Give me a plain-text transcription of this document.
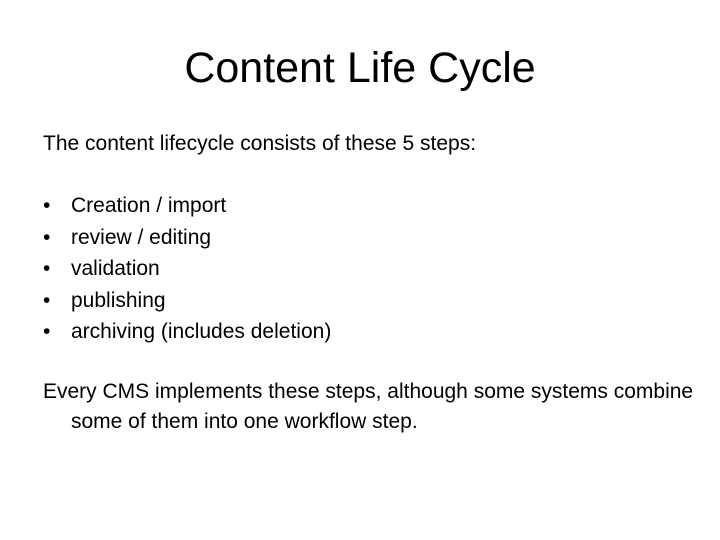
Content Life Cycle

The content lifecycle consists of these 5 steps:

• Creation / import
• review / editing
• validation
• publishing
• archiving (includes deletion)

Every CMS implements these steps, although some systems combine some of them into one workflow step.
